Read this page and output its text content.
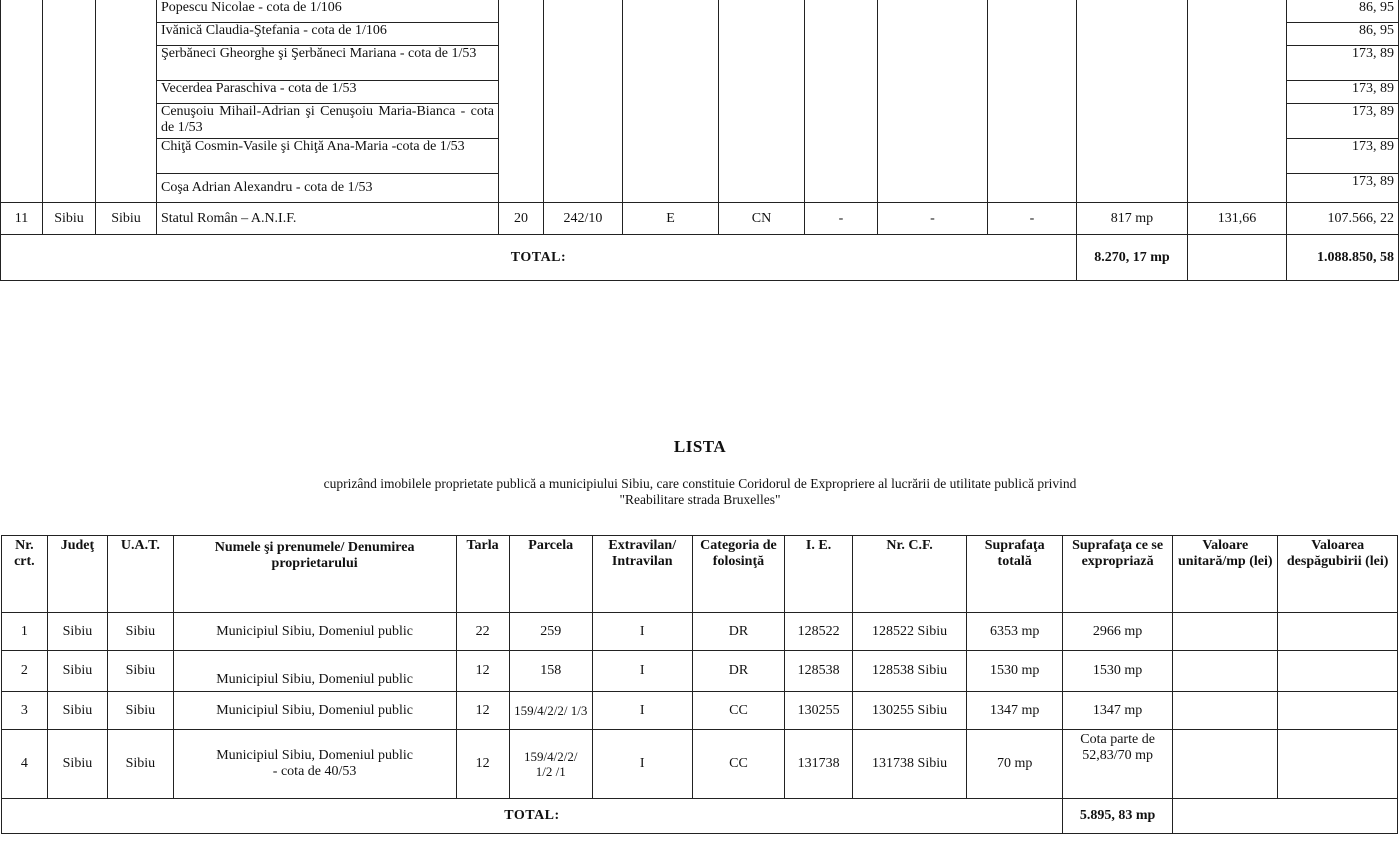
			Popescu Nicolae - cota de 1/106										86, 95
			Ivănică Claudia-Ştefania - cota de 1/106										86, 95
			Şerbăneci Gheorghe şi Şerbăneci Mariana - cota de 1/53										173, 89
			Vecerdea Paraschiva - cota de 1/53										173, 89
			Cenuşoiu Mihail-Adrian şi Cenuşoiu Maria-Bianca - cota de 1/53										173, 89
			Chiţă Cosmin-Vasile şi Chiţă Ana-Maria -cota de 1/53										173, 89
			Coşa Adrian Alexandru - cota de 1/53										173, 89
11	Sibiu	Sibiu	Statul Român – A.N.I.F.	20	242/10	E	CN	-	-	-	817 mp	131,66	107.566, 22
TOTAL:											8.270, 17 mp		1.088.850, 58
LISTA
cuprizând imobilele proprietate publică a municipiului Sibiu, care constituie Coridorul de Expropriere al lucrării de utilitate publică privind
"Reabilitare strada Bruxelles"
Nr. crt.	Judeţ	U.A.T.	Numele şi prenumele/ Denumirea proprietarului	Tarla	Parcela	Extravilan/ Intravilan	Categoria de folosinţă	I. E.	Nr. C.F.	Suprafaţa totală	Suprafaţa ce se expropriază	Valoare unitară/mp (lei)	Valoarea despăgubirii (lei)
1	Sibiu	Sibiu	Municipiul Sibiu, Domeniul public	22	259	I	DR	128522	128522 Sibiu	6353 mp	2966 mp		
2	Sibiu	Sibiu	Municipiul Sibiu, Domeniul public	12	158	I	DR	128538	128538 Sibiu	1530 mp	1530 mp		
3	Sibiu	Sibiu	Municipiul Sibiu, Domeniul public	12	159/4/2/2/ 1/3	I	CC	130255	130255 Sibiu	1347 mp	1347 mp		
4	Sibiu	Sibiu	Municipiul Sibiu, Domeniul public - cota de 40/53	12	159/4/2/2/ 1/2 /1	I	CC	131738	131738 Sibiu	70 mp	Cota parte de 52,83/70 mp		
TOTAL:											5.895, 83 mp		
